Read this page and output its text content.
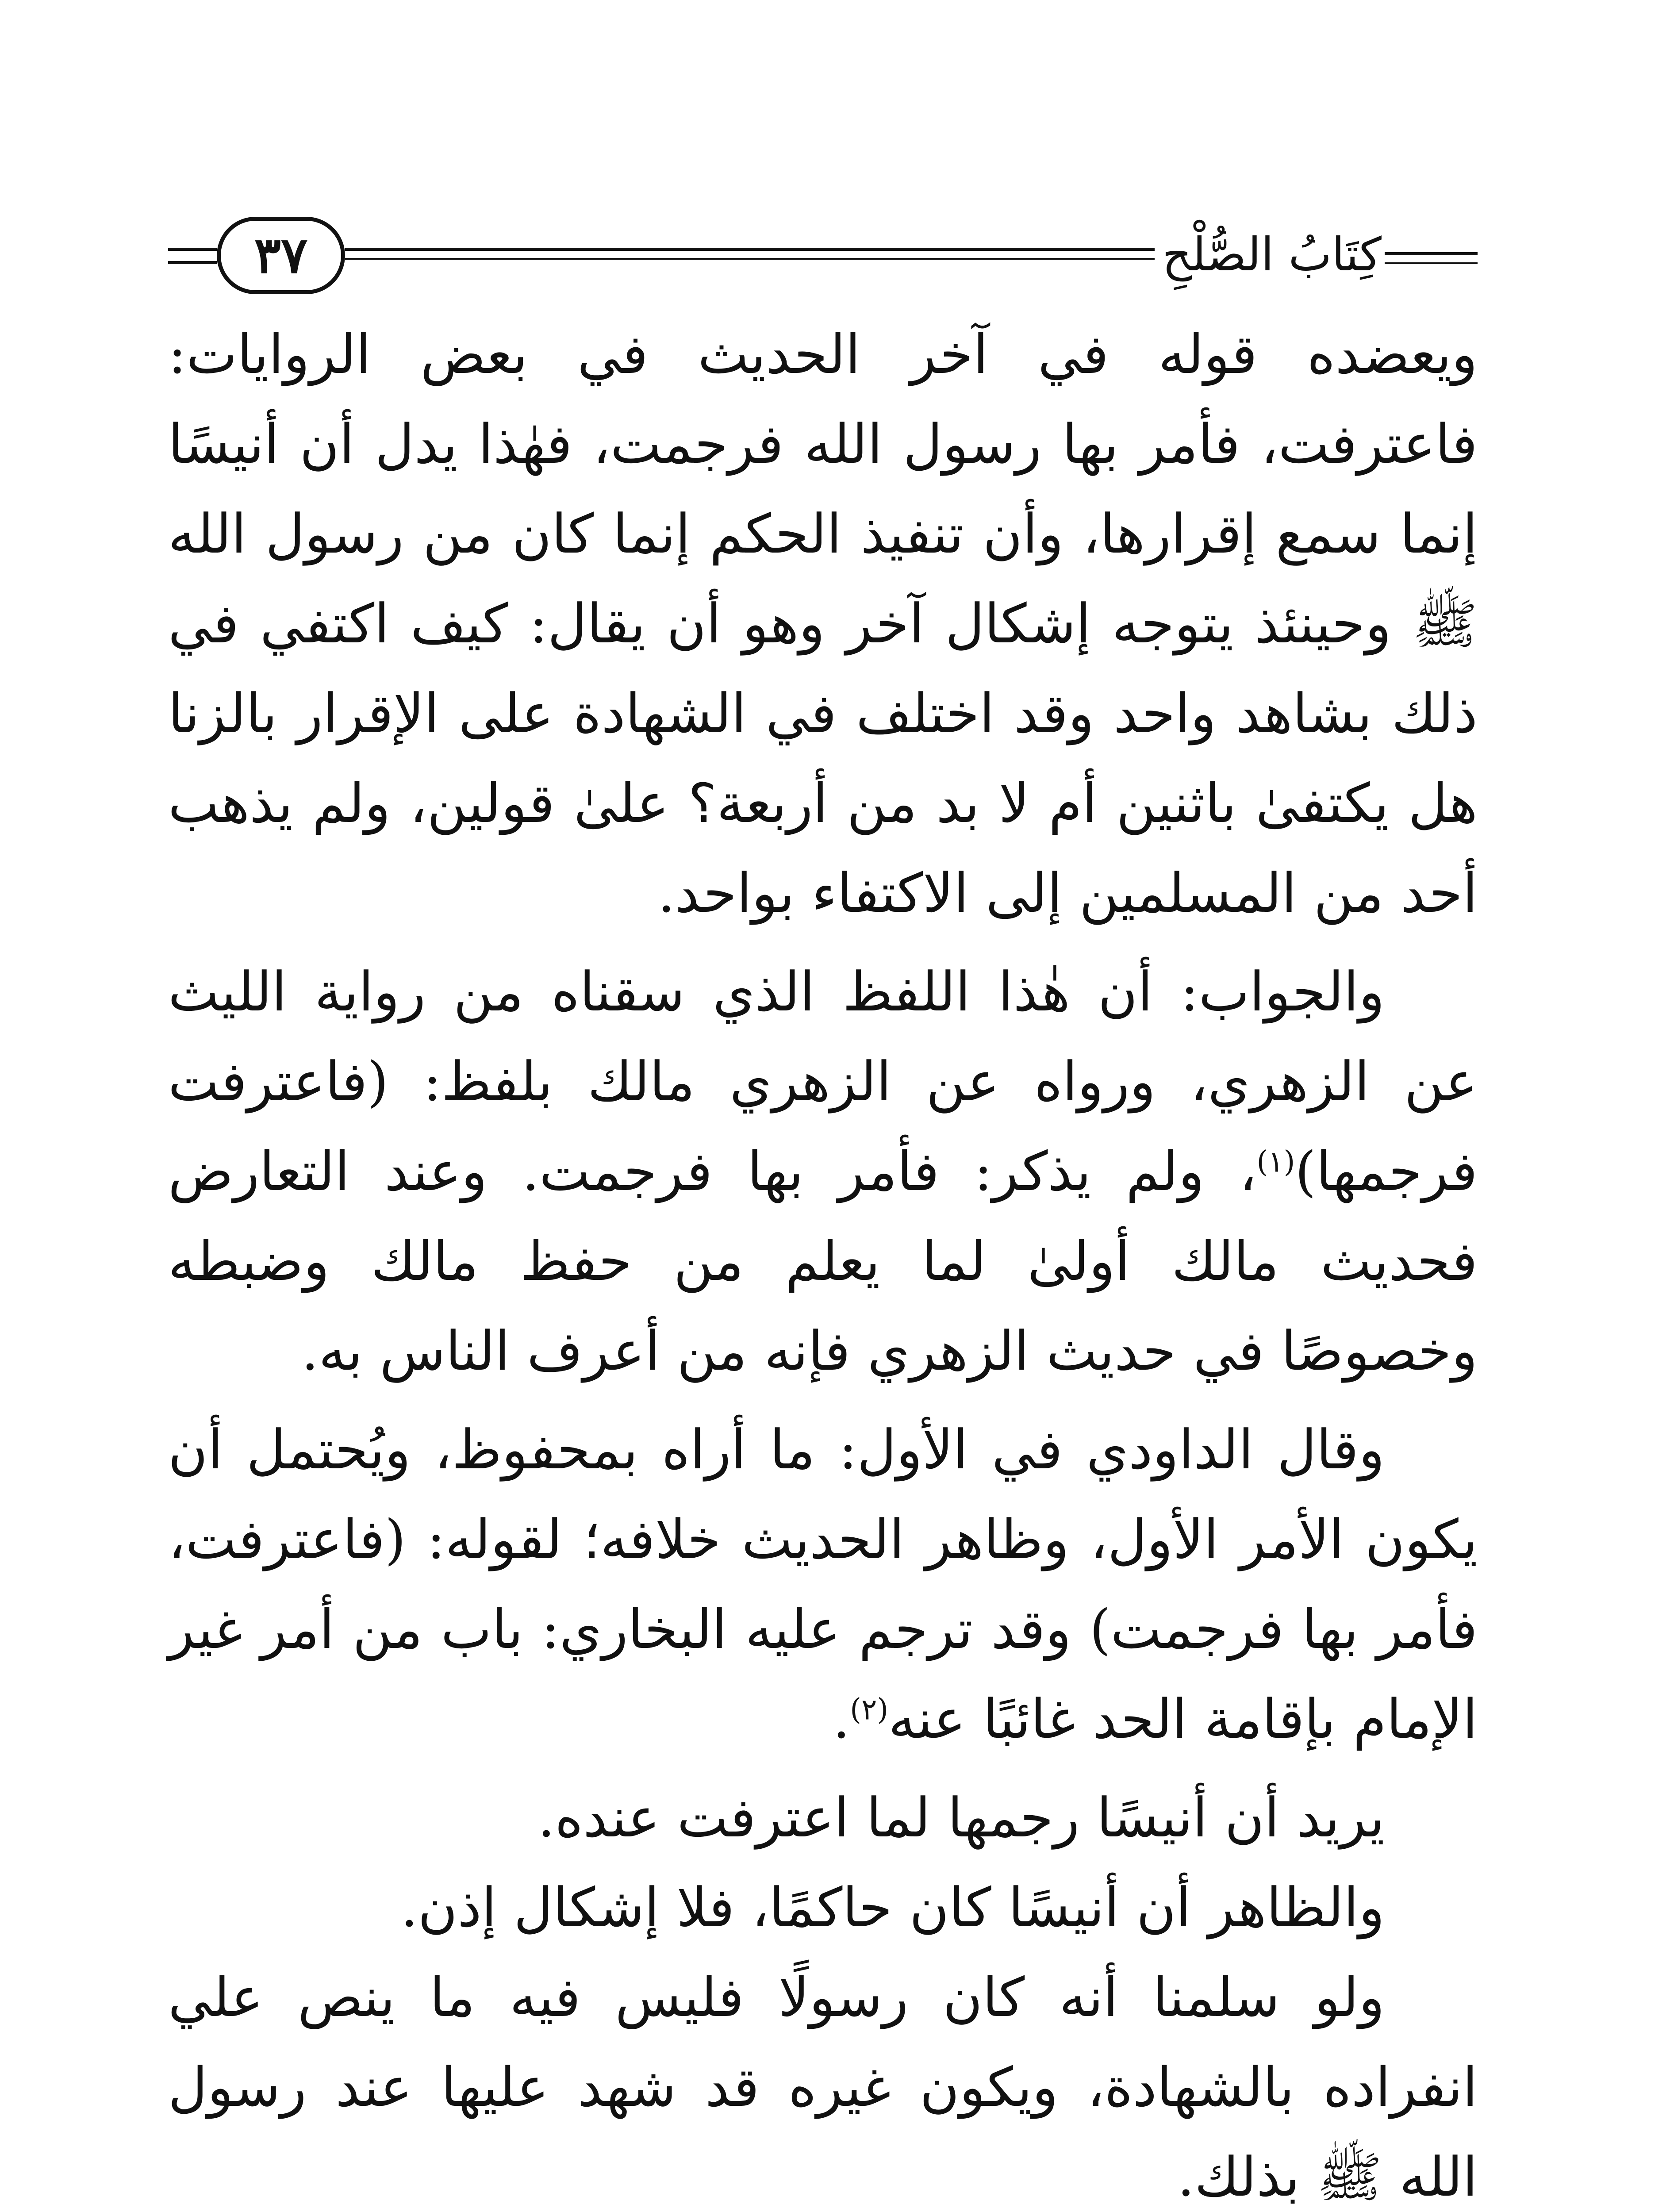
٣٧	كِتَابُ الصُّلْحِ

ويعضده قوله في آخر الحديث في بعض الروايات: فاعترفت، فأمر بها رسول الله فرجمت، فهٰذا يدل أن أنيسًا إنما سمع إقرارها، وأن تنفيذ الحكم إنما كان من رسول الله ﷺ وحينئذ يتوجه إشكال آخر وهو أن يقال: كيف اكتفي في ذلك بشاهد واحد وقد اختلف في الشهادة على الإقرار بالزنا هل يكتفىٰ باثنين أم لا بد من أربعة؟ علىٰ قولين، ولم يذهب أحد من المسلمين إلى الاكتفاء بواحد.

والجواب: أن هٰذا اللفظ الذي سقناه من رواية الليث عن الزهري، ورواه عن الزهري مالك بلفظ: (فاعترفت فرجمها)$^{(١)}$، ولم يذكر: فأمر بها فرجمت. وعند التعارض فحديث مالك أولىٰ لما يعلم من حفظ مالك وضبطه وخصوصًا في حديث الزهري فإنه من أعرف الناس به.

وقال الداودي في الأول: ما أراه بمحفوظ، ويُحتمل أن يكون الأمر الأول، وظاهر الحديث خلافه؛ لقوله: (فاعترفت، فأمر بها فرجمت) وقد ترجم عليه البخاري: باب من أمر غير الإمام بإقامة الحد غائبًا عنه$^{(٢)}$.

يريد أن أنيسًا رجمها لما اعترفت عنده.

والظاهر أن أنيسًا كان حاكمًا، فلا إشكال إذن.

ولو سلمنا أنه كان رسولًا فليس فيه ما ينص علي انفراده بالشهادة، ويكون غيره قد شهد عليها عند رسول الله ﷺ بذلك.
